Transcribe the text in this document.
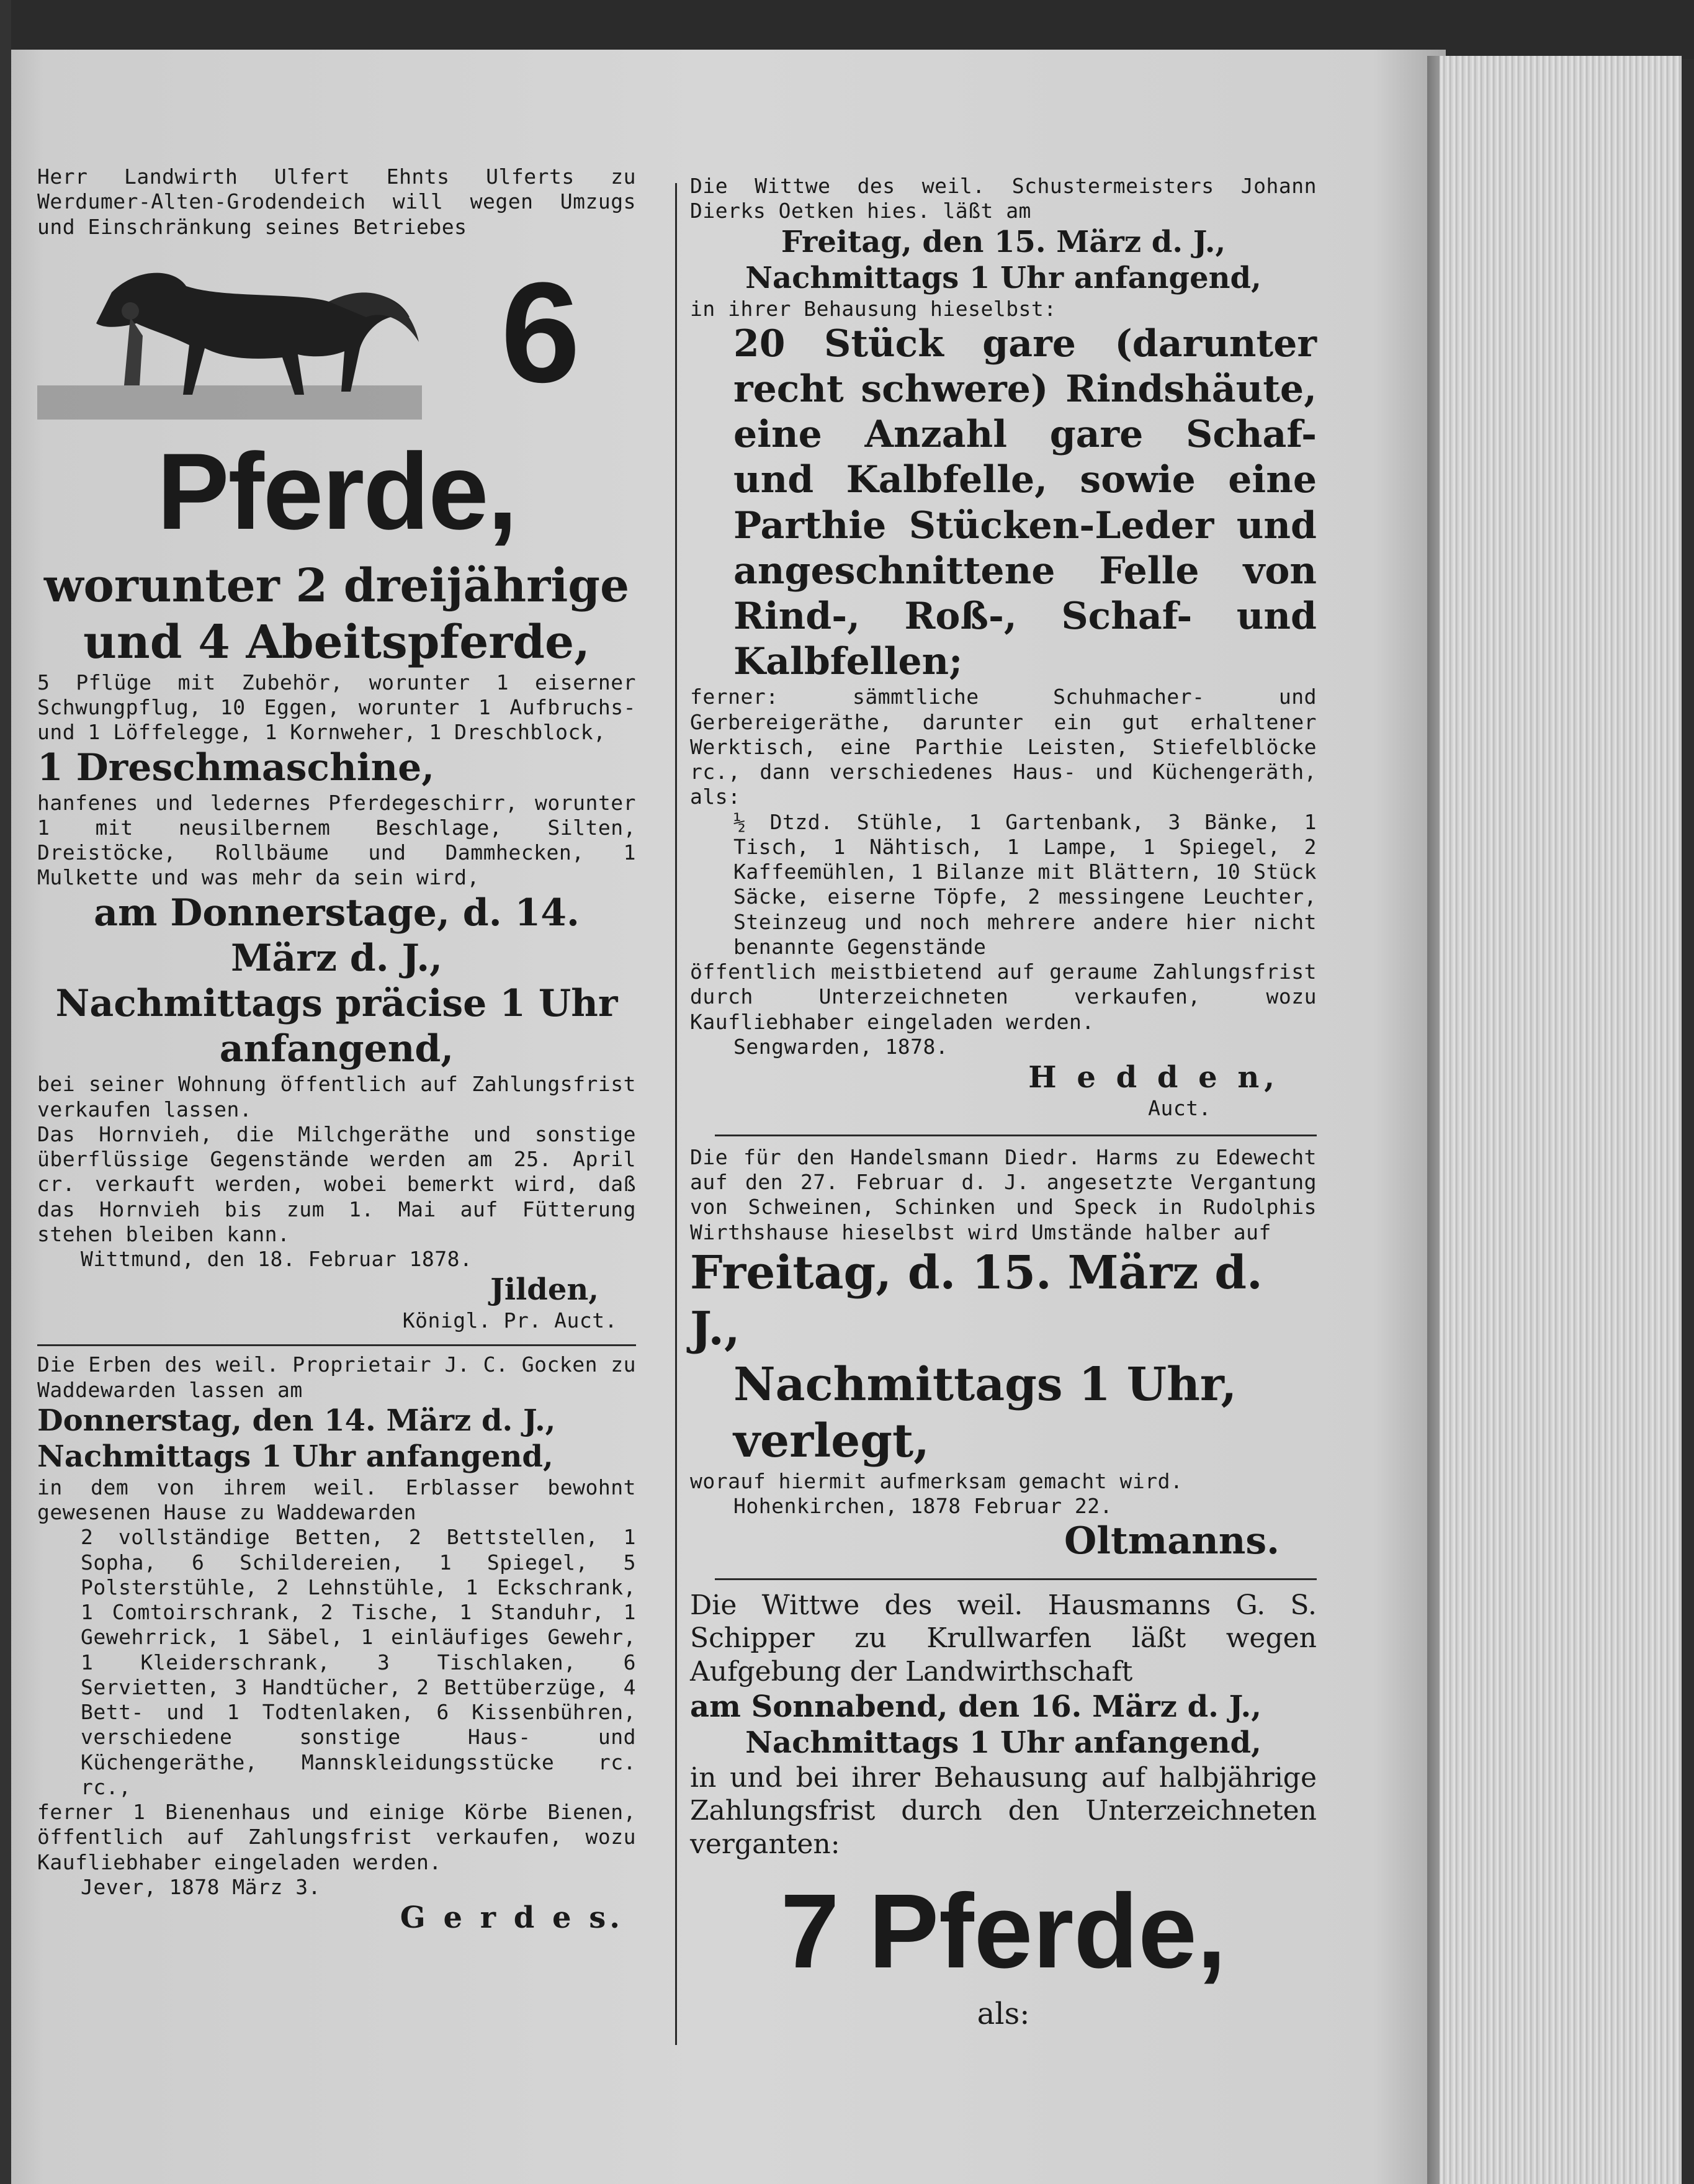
Herr Landwirth Ulfert Ehnts Ulferts zu Werdumer-Alten-Grodendeich will wegen Umzugs und Einschränkung seines Betriebes

6

Pferde,

worunter 2 dreijährige und 4 Abeitspferde,

5 Pflüge mit Zubehör, worunter 1 eiserner Schwungpflug, 10 Eggen, worunter 1 Aufbruchs- und 1 Löffelegge, 1 Kornweher, 1 Dreschblock,

1 Dreschmaschine,

hanfenes und ledernes Pferdegeschirr, worunter 1 mit neusilbernem Beschlage, Silten, Dreistöcke, Rollbäume und Dammhecken, 1 Mulkette und was mehr da sein wird,

am Donnerstage, d. 14. März d. J.,

Nachmittags präcise 1 Uhr anfangend,

bei seiner Wohnung öffentlich auf Zahlungsfrist verkaufen lassen.

Das Hornvieh, die Milchgeräthe und sonstige überflüssige Gegenstände werden am 25. April cr. verkauft werden, wobei bemerkt wird, daß das Hornvieh bis zum 1. Mai auf Fütterung stehen bleiben kann.

Wittmund, den 18. Februar 1878.

Jilden,

Königl. Pr. Auct.

Die Erben des weil. Proprietair J. C. Gocken zu Waddewarden lassen am

Donnerstag, den 14. März d. J.,

Nachmittags 1 Uhr anfangend,

in dem von ihrem weil. Erblasser bewohnt gewesenen Hause zu Waddewarden

2 vollständige Betten, 2 Bettstellen, 1 Sopha, 6 Schildereien, 1 Spiegel, 5 Polsterstühle, 2 Lehnstühle, 1 Eckschrank, 1 Comtoirschrank, 2 Tische, 1 Standuhr, 1 Gewehrrick, 1 Säbel, 1 einläufiges Gewehr, 1 Kleiderschrank, 3 Tischlaken, 6 Servietten, 3 Handtücher, 2 Bettüberzüge, 4 Bett- und 1 Todtenlaken, 6 Kissenbühren, verschiedene sonstige Haus- und Küchengeräthe, Mannskleidungsstücke rc. rc.,

ferner 1 Bienenhaus und einige Körbe Bienen, öffentlich auf Zahlungsfrist verkaufen, wozu Kaufliebhaber eingeladen werden.

Jever, 1878 März 3.

G e r d e s.

Die Wittwe des weil. Schustermeisters Johann Dierks Oetken hies. läßt am

Freitag, den 15. März d. J.,

Nachmittags 1 Uhr anfangend,

in ihrer Behausung hieselbst:

20 Stück gare (darunter recht schwere) Rindshäute, eine Anzahl gare Schaf- und Kalbfelle, sowie eine Parthie Stücken-Leder und angeschnittene Felle von Rind-, Roß-, Schaf- und Kalbfellen;

ferner: sämmtliche Schuhmacher- und Gerbereigeräthe, darunter ein gut erhaltener Werktisch, eine Parthie Leisten, Stiefelblöcke rc., dann verschiedenes Haus- und Küchengeräth, als:

½ Dtzd. Stühle, 1 Gartenbank, 3 Bänke, 1 Tisch, 1 Nähtisch, 1 Lampe, 1 Spiegel, 2 Kaffeemühlen, 1 Bilanze mit Blättern, 10 Stück Säcke, eiserne Töpfe, 2 messingene Leuchter, Steinzeug und noch mehrere andere hier nicht benannte Gegenstände

öffentlich meistbietend auf geraume Zahlungsfrist durch Unterzeichneten verkaufen, wozu Kaufliebhaber eingeladen werden.

Sengwarden, 1878.

H e d d e n,

Auct.

Die für den Handelsmann Diedr. Harms zu Edewecht auf den 27. Februar d. J. angesetzte Vergantung von Schweinen, Schinken und Speck in Rudolphis Wirthshause hieselbst wird Umstände halber auf

Freitag, d. 15. März d. J.,

Nachmittags 1 Uhr,

verlegt,

worauf hiermit aufmerksam gemacht wird.

Hohenkirchen, 1878 Februar 22.

Oltmanns.

Die Wittwe des weil. Hausmanns G. S. Schipper zu Krullwarfen läßt wegen Aufgebung der Landwirthschaft

am Sonnabend, den 16. März d. J.,

Nachmittags 1 Uhr anfangend,

in und bei ihrer Behausung auf halbjährige Zahlungsfrist durch den Unterzeichneten verganten:

7 Pferde,

als:
